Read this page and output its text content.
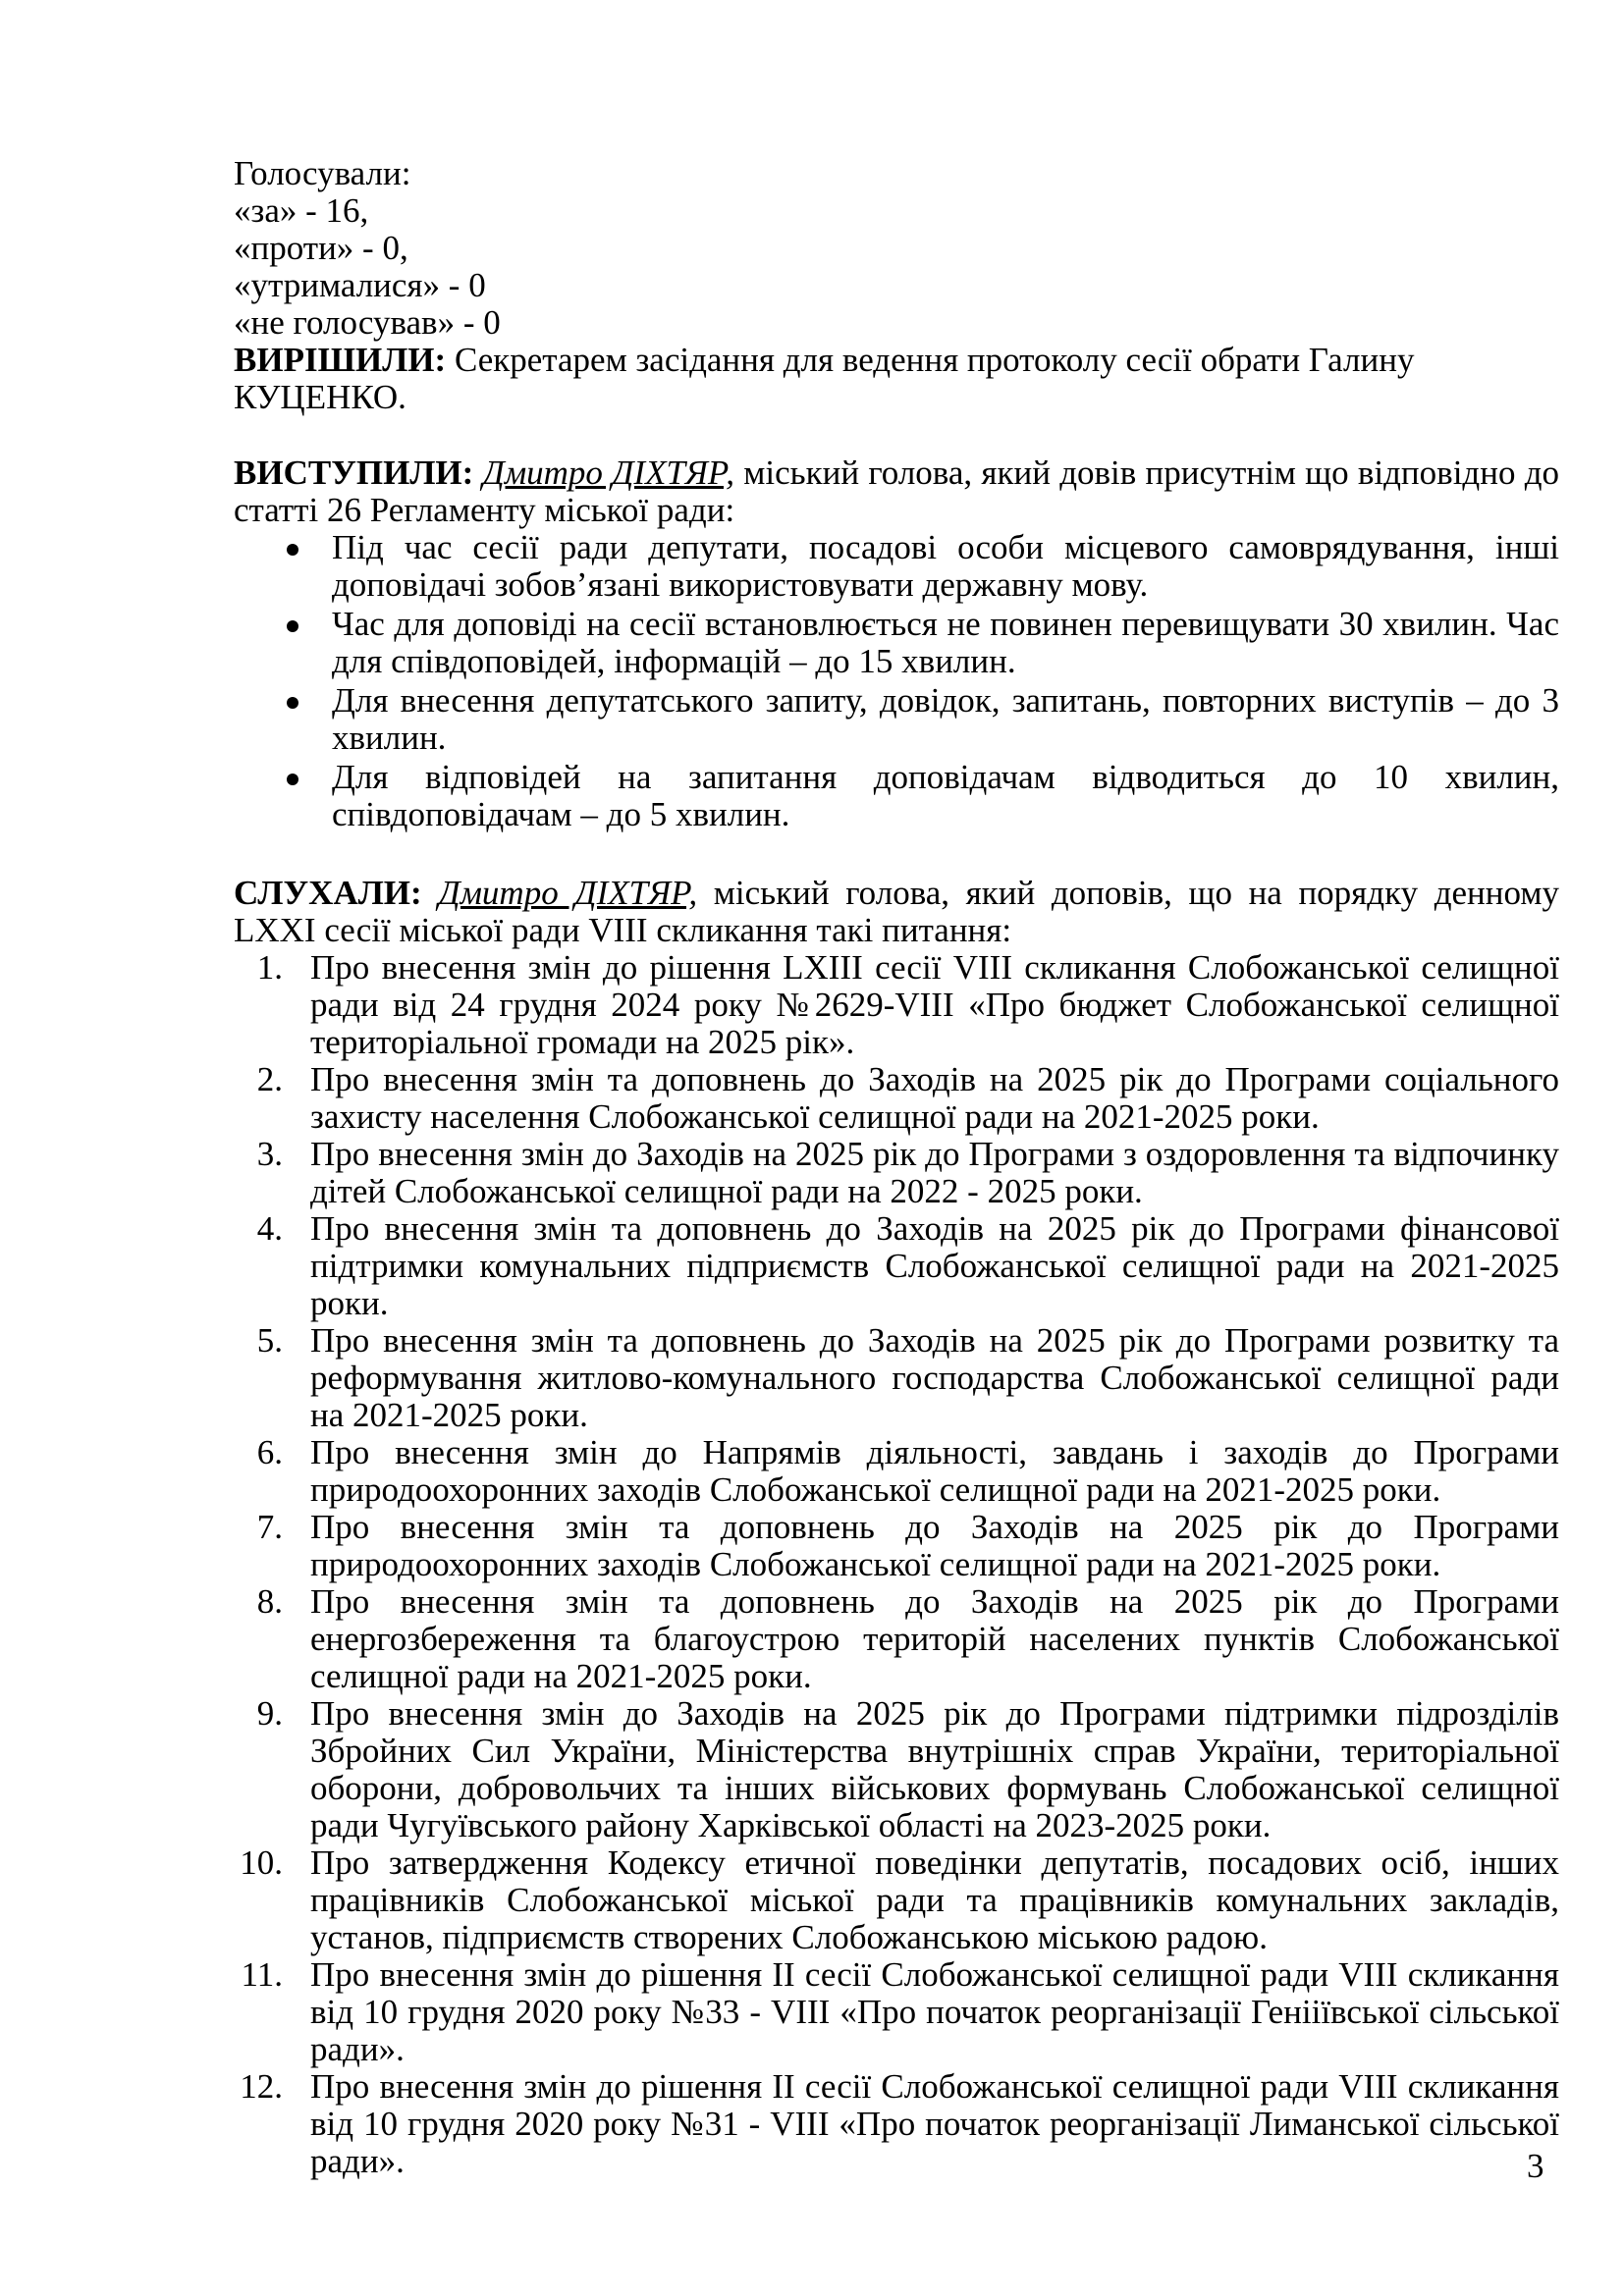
Голосували:

«за» - 16,

«проти» - 0,

«утрималися» - 0

«не голосував» - 0

ВИРІШИЛИ: Секретарем засідання для ведення протоколу сесії обрати Галину КУЦЕНКО.

ВИСТУПИЛИ: Дмитро ДІХТЯР, міський голова, який довів присутнім що відповідно до статті 26 Регламенту міської ради:

Під час сесії ради депутати, посадові особи місцевого самоврядування, інші доповідачі зобов’язані використовувати державну мову.
Час для доповіді на сесії встановлюється не повинен перевищувати 30 хвилин. Час для співдоповідей, інформацій – до 15 хвилин.
Для внесення депутатського запиту, довідок, запитань, повторних виступів – до 3 хвилин.
Для відповідей на запитання доповідачам відводиться до 10 хвилин, співдоповідачам – до 5 хвилин.

СЛУХАЛИ: Дмитро ДІХТЯР, міський голова, який доповів, що на порядку денному LXXI сесії міської ради VIII скликання такі питання:

1. Про внесення змін до рішення LXIII сесії VIII скликання Слобожанської селищної ради від 24 грудня 2024 року №2629-VIII «Про бюджет Слобожанської селищної територіальної громади на 2025 рік».
2. Про внесення змін та доповнень до Заходів на 2025 рік до Програми соціального захисту населення Слобожанської селищної ради на 2021-2025 роки.
3. Про внесення змін до Заходів на 2025 рік до Програми з оздоровлення та відпочинку дітей Слобожанської селищної ради на 2022 - 2025 роки.
4. Про внесення змін та доповнень до Заходів на 2025 рік до Програми фінансової підтримки комунальних підприємств Слобожанської селищної ради на 2021-2025 роки.
5. Про внесення змін та доповнень до Заходів на 2025 рік до Програми розвитку та реформування житлово-комунального господарства Слобожанської селищної ради на 2021-2025 роки.
6. Про внесення змін до Напрямів діяльності, завдань і заходів до Програми природоохоронних заходів Слобожанської селищної ради на 2021-2025 роки.
7. Про внесення змін та доповнень до Заходів на 2025 рік до Програми природоохоронних заходів Слобожанської селищної ради на 2021-2025 роки.
8. Про внесення змін та доповнень до Заходів на 2025 рік до Програми енергозбереження та благоустрою територій населених пунктів Слобожанської селищної ради на 2021-2025 роки.
9. Про внесення змін до Заходів на 2025 рік до Програми підтримки підрозділів Збройних Сил України, Міністерства внутрішніх справ України, територіальної оборони, добровольчих та інших військових формувань Слобожанської селищної ради Чугуївського району Харківської області на 2023-2025 роки.
10. Про затвердження Кодексу етичної поведінки депутатів, посадових осіб, інших працівників Слобожанської міської ради та працівників комунальних закладів, установ, підприємств створених Слобожанською міською радою.
11. Про внесення змін до рішення ІІ сесії Слобожанської селищної ради VIII скликання від 10 грудня 2020 року №33 - VIII «Про початок реорганізації Генііївської сільської ради».
12. Про внесення змін до рішення ІІ сесії Слобожанської селищної ради VIII скликання від 10 грудня 2020 року №31 - VIII «Про початок реорганізації Лиманської сільської ради».	3
